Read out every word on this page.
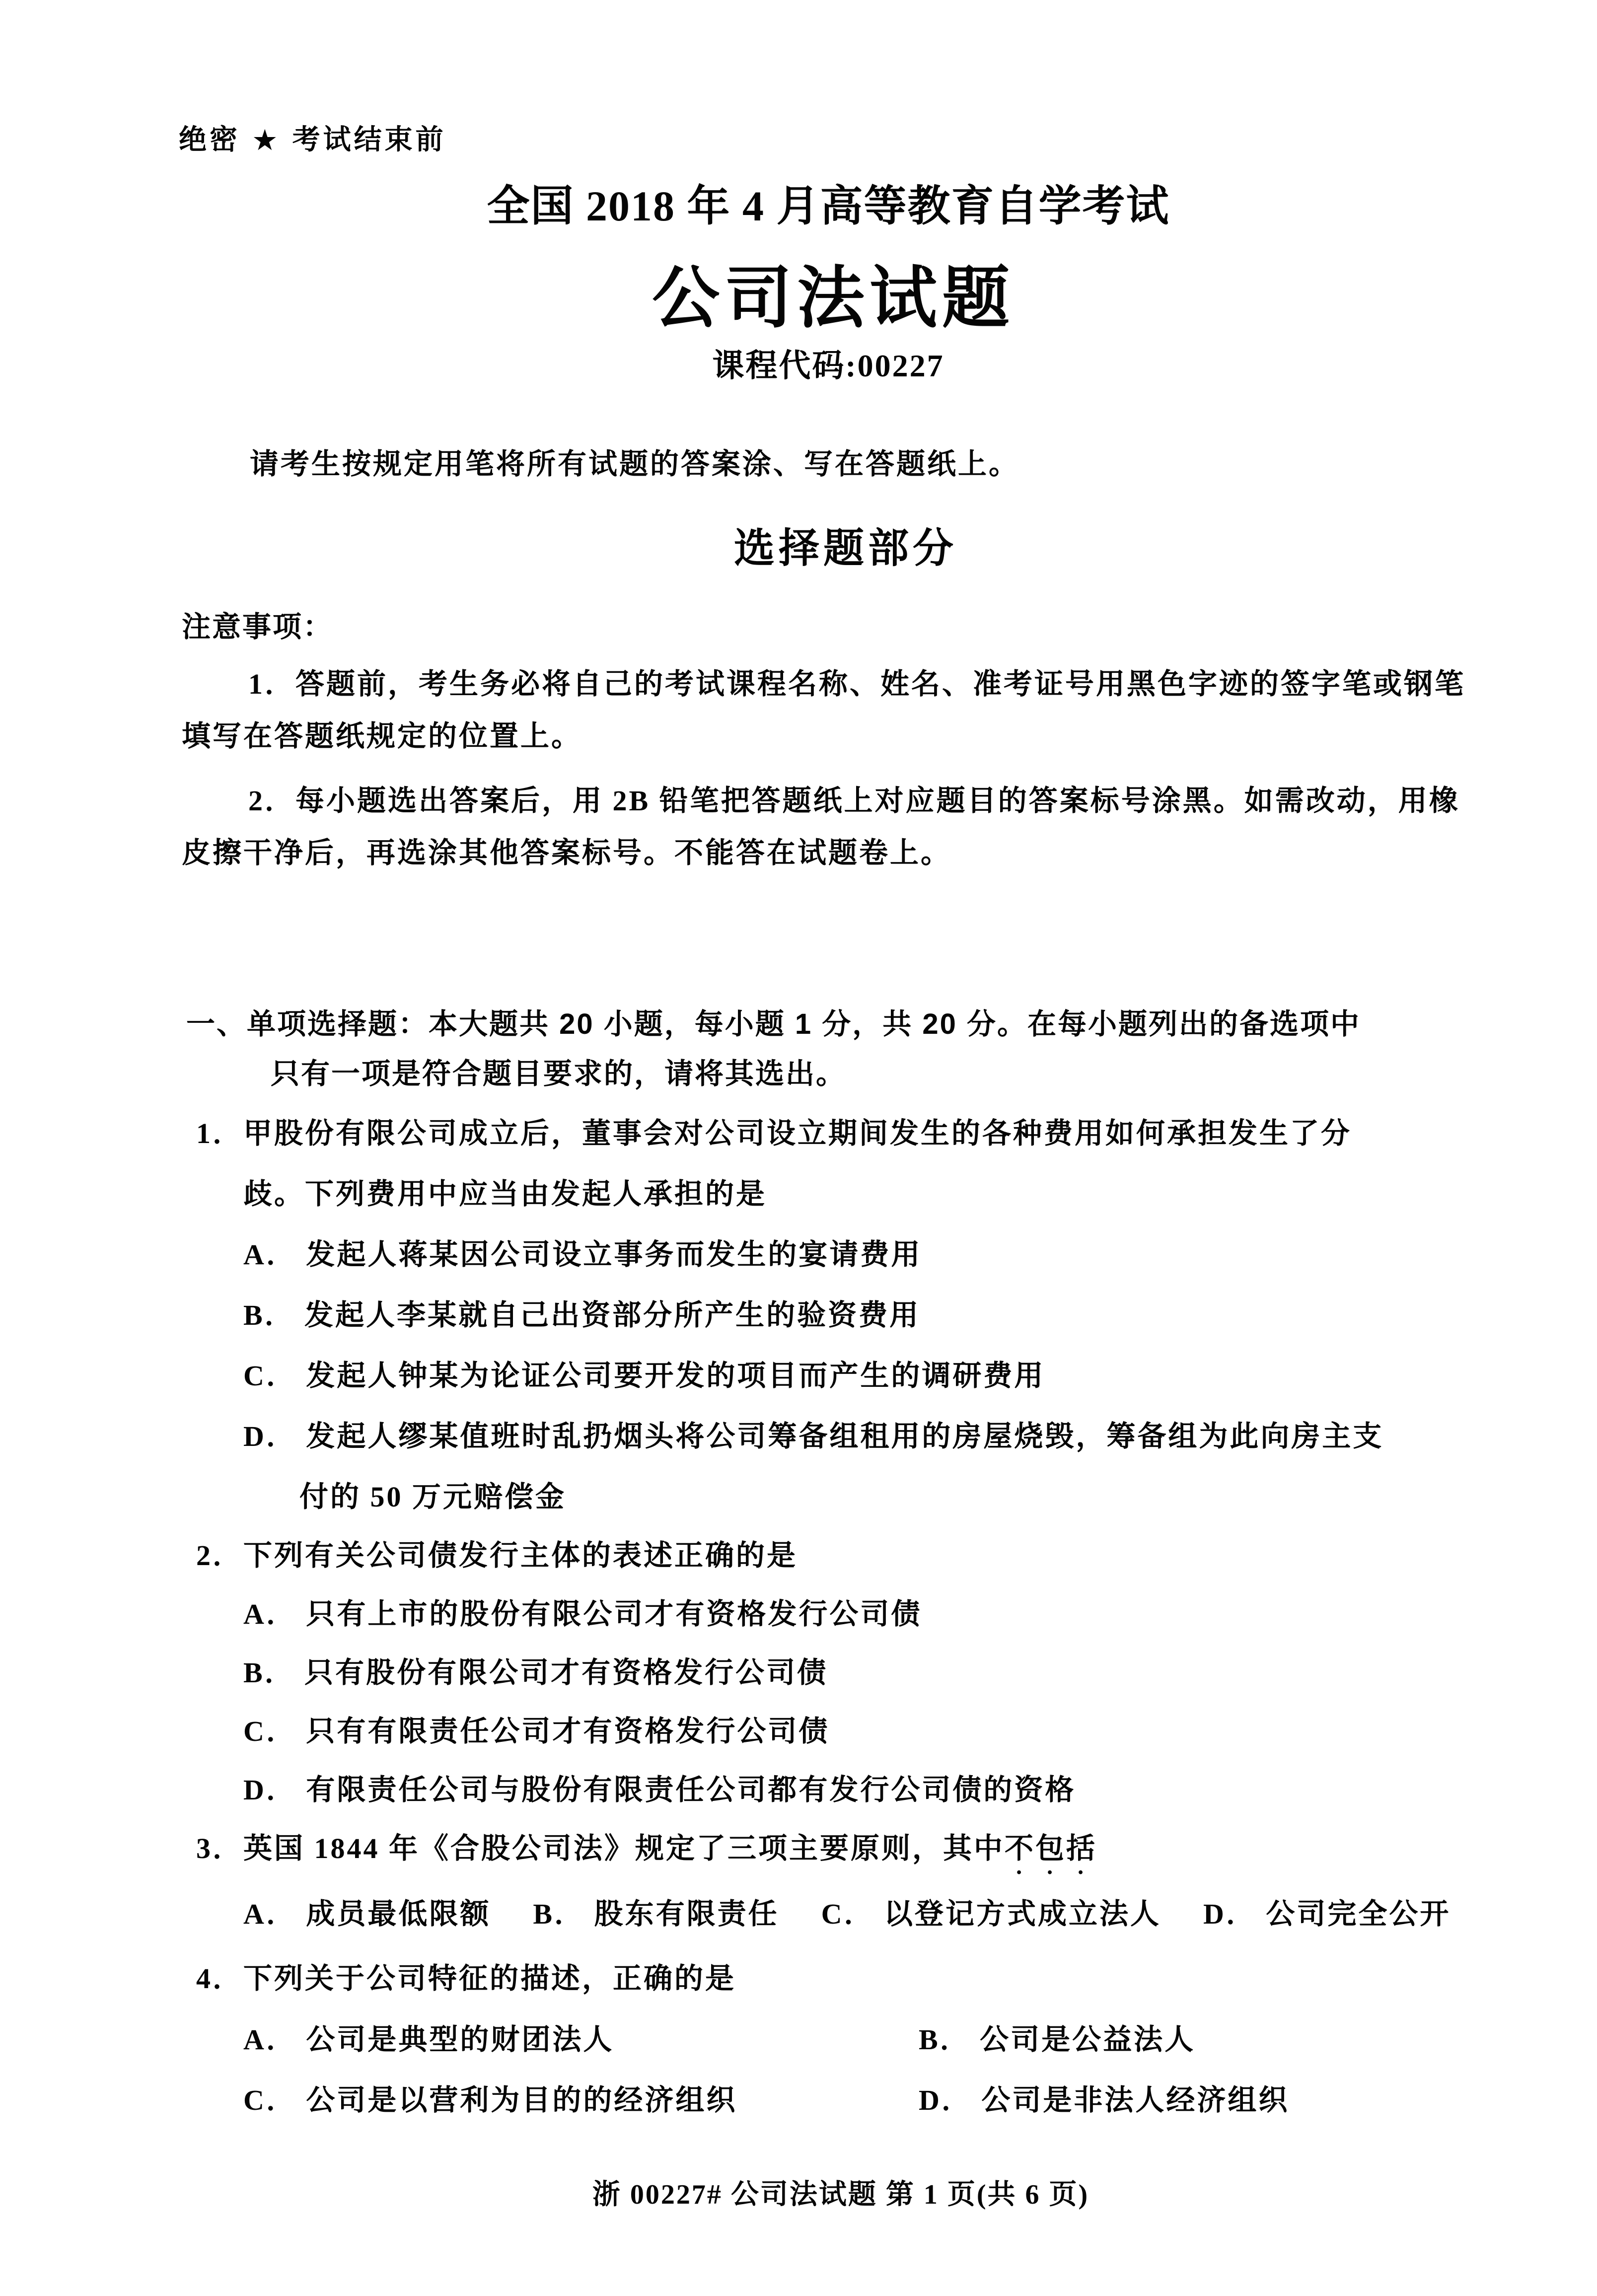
绝密 ★ 考试结束前
全国 2018 年 4 月高等教育自学考试
公司法试题
课程代码:00227
请考生按规定用笔将所有试题的答案涂、写在答题纸上。
选择题部分
注意事项：
1．答题前，考生务必将自己的考试课程名称、姓名、准考证号用黑色字迹的签字笔或钢笔
填写在答题纸规定的位置上。
2．每小题选出答案后，用 2B 铅笔把答题纸上对应题目的答案标号涂黑。如需改动，用橡
皮擦干净后，再选涂其他答案标号。不能答在试题卷上。
一、单项选择题：本大题共 20 小题，每小题 1 分，共 20 分。在每小题列出的备选项中
只有一项是符合题目要求的，请将其选出。
1．甲股份有限公司成立后，董事会对公司设立期间发生的各种费用如何承担发生了分
歧。下列费用中应当由发起人承担的是
A． 发起人蒋某因公司设立事务而发生的宴请费用
B． 发起人李某就自己出资部分所产生的验资费用
C． 发起人钟某为论证公司要开发的项目而产生的调研费用
D． 发起人缪某值班时乱扔烟头将公司筹备组租用的房屋烧毁，筹备组为此向房主支
付的 50 万元赔偿金
2．下列有关公司债发行主体的表述正确的是
A． 只有上市的股份有限公司才有资格发行公司债
B． 只有股份有限公司才有资格发行公司债
C． 只有有限责任公司才有资格发行公司债
D． 有限责任公司与股份有限责任公司都有发行公司债的资格
3．英国 1844 年《合股公司法》规定了三项主要原则，其中不包括
A． 成员最低限额 B． 股东有限责任 C． 以登记方式成立法人 D． 公司完全公开
4．下列关于公司特征的描述，正确的是
A． 公司是典型的财团法人	B． 公司是公益法人
C． 公司是以营利为目的的经济组织	D． 公司是非法人经济组织
浙 00227# 公司法试题 第 1 页(共 6 页)
